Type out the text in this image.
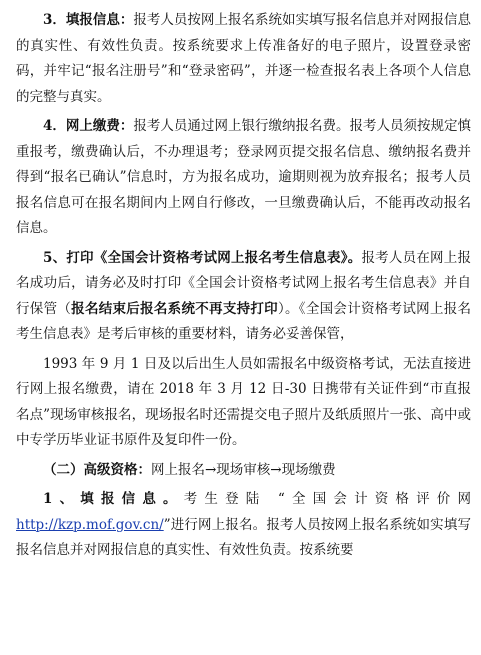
3．填报信息：报考人员按网上报名系统如实填写报名信息并对网报信息的真实性、有效性负责。按系统要求上传准备好的电子照片，设置登录密码，并牢记“报名注册号”和“登录密码”，并逐一检查报名表上各项个人信息的完整与真实。

4．网上缴费：报考人员通过网上银行缴纳报名费。报考人员须按规定慎重报考，缴费确认后，不办理退考；登录网页提交报名信息、缴纳报名费并得到“报名已确认”信息时，方为报名成功，逾期则视为放弃报名；报考人员报名信息可在报名期间内上网自行修改，一旦缴费确认后，不能再改动报名信息。

5、打印《全国会计资格考试网上报名考生信息表》。报考人员在网上报名成功后，请务必及时打印《全国会计资格考试网上报名考生信息表》并自行保管（报名结束后报名系统不再支持打印）。《全国会计资格考试网上报名考生信息表》是考后审核的重要材料，请务必妥善保管，

1993 年 9 月 1 日及以后出生人员如需报名中级资格考试，无法直接进行网上报名缴费，请在 2018 年 3 月 12 日-30 日携带有关证件到“市直报名点”现场审核报名，现场报名时还需提交电子照片及纸质照片一张、高中或中专学历毕业证书原件及复印件一份。

（二）高级资格：网上报名→现场审核→现场缴费

1、填报信息。考生登陆 “全国会计资格评价网http://kzp.mof.gov.cn/”进行网上报名。报考人员按网上报名系统如实填写报名信息并对网报信息的真实性、有效性负责。按系统要
